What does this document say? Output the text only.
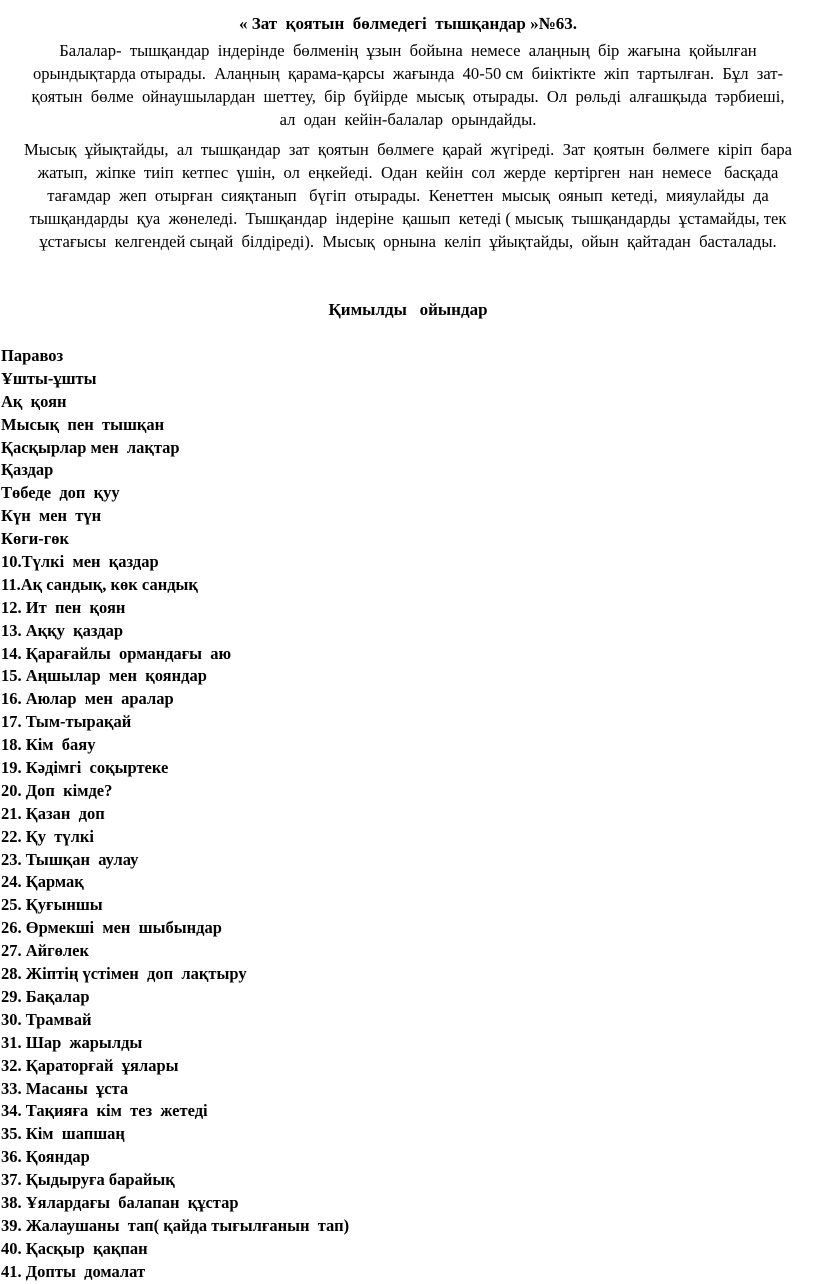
« Зат  қоятын  бөлмедегі  тышқандар »№63.
Балалар-  тышқандар  індерінде  бөлменің  ұзын  бойына  немесе  алаңның  бір  жағына  қойылған
орындықтарда отырады.  Алаңның  қарама-қарсы  жағында  40-50 см  биіктікте  жіп  тартылған.  Бұл  зат-
қоятын  бөлме  ойнаушылардан  шеттеу,  бір  бүйірде  мысық  отырады.  Ол  рөльді  алғашқыда  тәрбиеші,
ал  одан  кейін-балалар  орындайды.
Мысық  ұйықтайды,  ал  тышқандар  зат  қоятын  бөлмеге  қарай  жүгіреді.  Зат  қоятын  бөлмеге  кіріп  бара
жатып,  жіпке  тиіп  кетпес  үшін,  ол  еңкейеді.  Одан  кейін  сол  жерде  кертірген  нан  немесе   басқада
тағамдар  жеп  отырған  сияқтанып   бүгіп  отырады.  Кенеттен  мысық  оянып  кетеді,  мияулайды  да
тышқандарды  қуа  жөнеледі.  Тышқандар  індеріне  қашып  кетеді ( мысық  тышқандарды  ұстамайды, тек
ұстағысы  келгендей сыңай  білдіреді).  Мысық  орнына  келіп  ұйықтайды,  ойын  қайтадан  басталады.
Қимылды   ойындар
Паравоз
Ұшты-ұшты
Ақ  қоян
Мысық  пен  тышқан
Қасқырлар мен  лақтар
Қаздар
Төбеде  доп  қуу
Күн  мен  түн
Көги-гөк
10.Түлкі  мен  қаздар
11.Ақ сандық, көк сандық
12. Ит  пен  қоян
13. Аққу  қаздар
14. Қарағайлы  ормандағы  аю
15. Аңшылар  мен  қояндар
16. Аюлар  мен  аралар
17. Тым-тырақай
18. Кім  баяу
19. Кәдімгі  соқыртеке
20. Доп  кімде?
21. Қазан  доп
22. Қу  түлкі
23. Тышқан  аулау
24. Қармақ
25. Қуғыншы
26. Өрмекші  мен  шыбындар
27. Айгөлек
28. Жіптің үстімен  доп  лақтыру
29. Бақалар
30. Трамвай
31. Шар  жарылды
32. Қараторғай  ұялары
33. Масаны  ұста
34. Тақияға  кім  тез  жетеді
35. Кім  шапшаң
36. Қояндар
37. Қыдыруға барайық
38. Ұялардағы  балапан  құстар
39. Жалаушаны  тап( қайда тығылғанын  тап)
40. Қасқыр  қақпан
41. Допты  домалат
